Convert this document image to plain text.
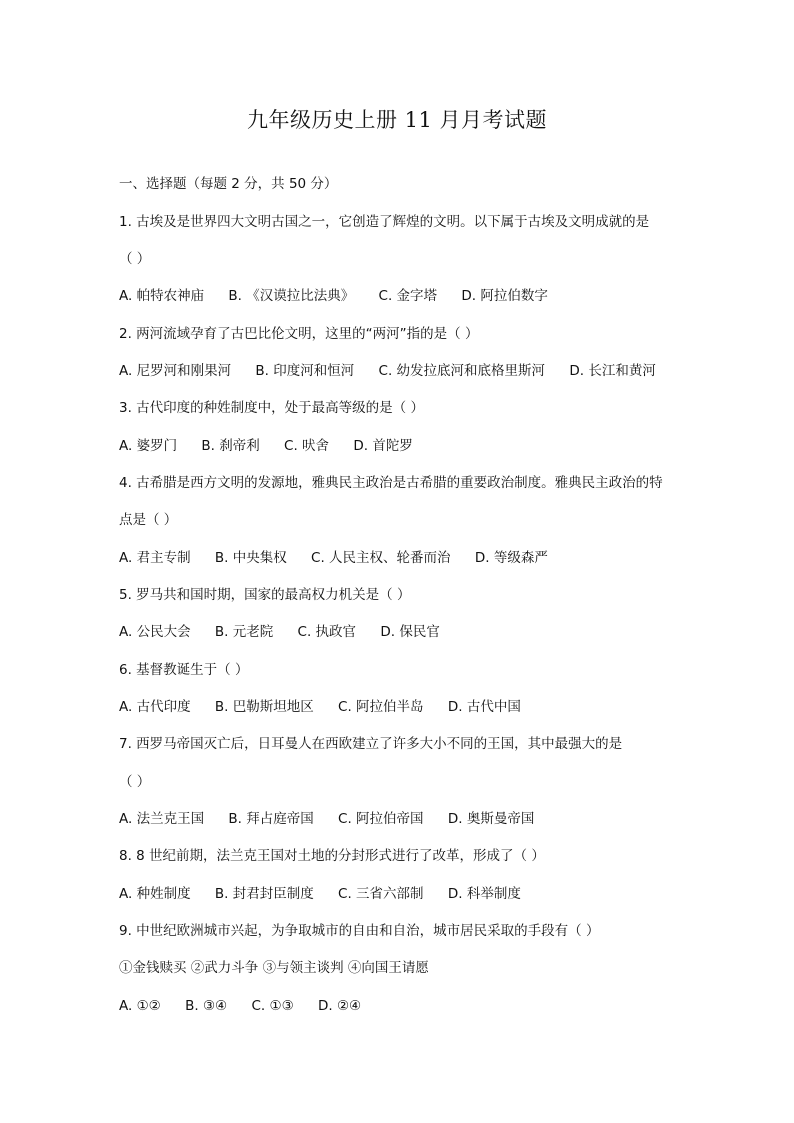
九年级历史上册 11 月月考试题
一、选择题（每题 2 分，共 50 分）
1. 古埃及是世界四大文明古国之一，它创造了辉煌的文明。以下属于古埃及文明成就的是
（ ）
A. 帕特农神庙 B. 《汉谟拉比法典》 C. 金字塔 D. 阿拉伯数字
2. 两河流域孕育了古巴比伦文明，这里的“两河”指的是（ ）
A. 尼罗河和刚果河 B. 印度河和恒河 C. 幼发拉底河和底格里斯河 D. 长江和黄河
3. 古代印度的种姓制度中，处于最高等级的是（ ）
A. 婆罗门 B. 刹帝利 C. 吠舍 D. 首陀罗
4. 古希腊是西方文明的发源地，雅典民主政治是古希腊的重要政治制度。雅典民主政治的特
点是（ ）
A. 君主专制 B. 中央集权 C. 人民主权、轮番而治 D. 等级森严
5. 罗马共和国时期，国家的最高权力机关是（ ）
A. 公民大会 B. 元老院 C. 执政官 D. 保民官
6. 基督教诞生于（ ）
A. 古代印度 B. 巴勒斯坦地区 C. 阿拉伯半岛 D. 古代中国
7. 西罗马帝国灭亡后，日耳曼人在西欧建立了许多大小不同的王国，其中最强大的是
（ ）
A. 法兰克王国 B. 拜占庭帝国 C. 阿拉伯帝国 D. 奥斯曼帝国
8. 8 世纪前期，法兰克王国对土地的分封形式进行了改革，形成了（ ）
A. 种姓制度 B. 封君封臣制度 C. 三省六部制 D. 科举制度
9. 中世纪欧洲城市兴起，为争取城市的自由和自治，城市居民采取的手段有（ ）
①金钱赎买 ②武力斗争 ③与领主谈判 ④向国王请愿
A. ①② B. ③④ C. ①③ D. ②④
